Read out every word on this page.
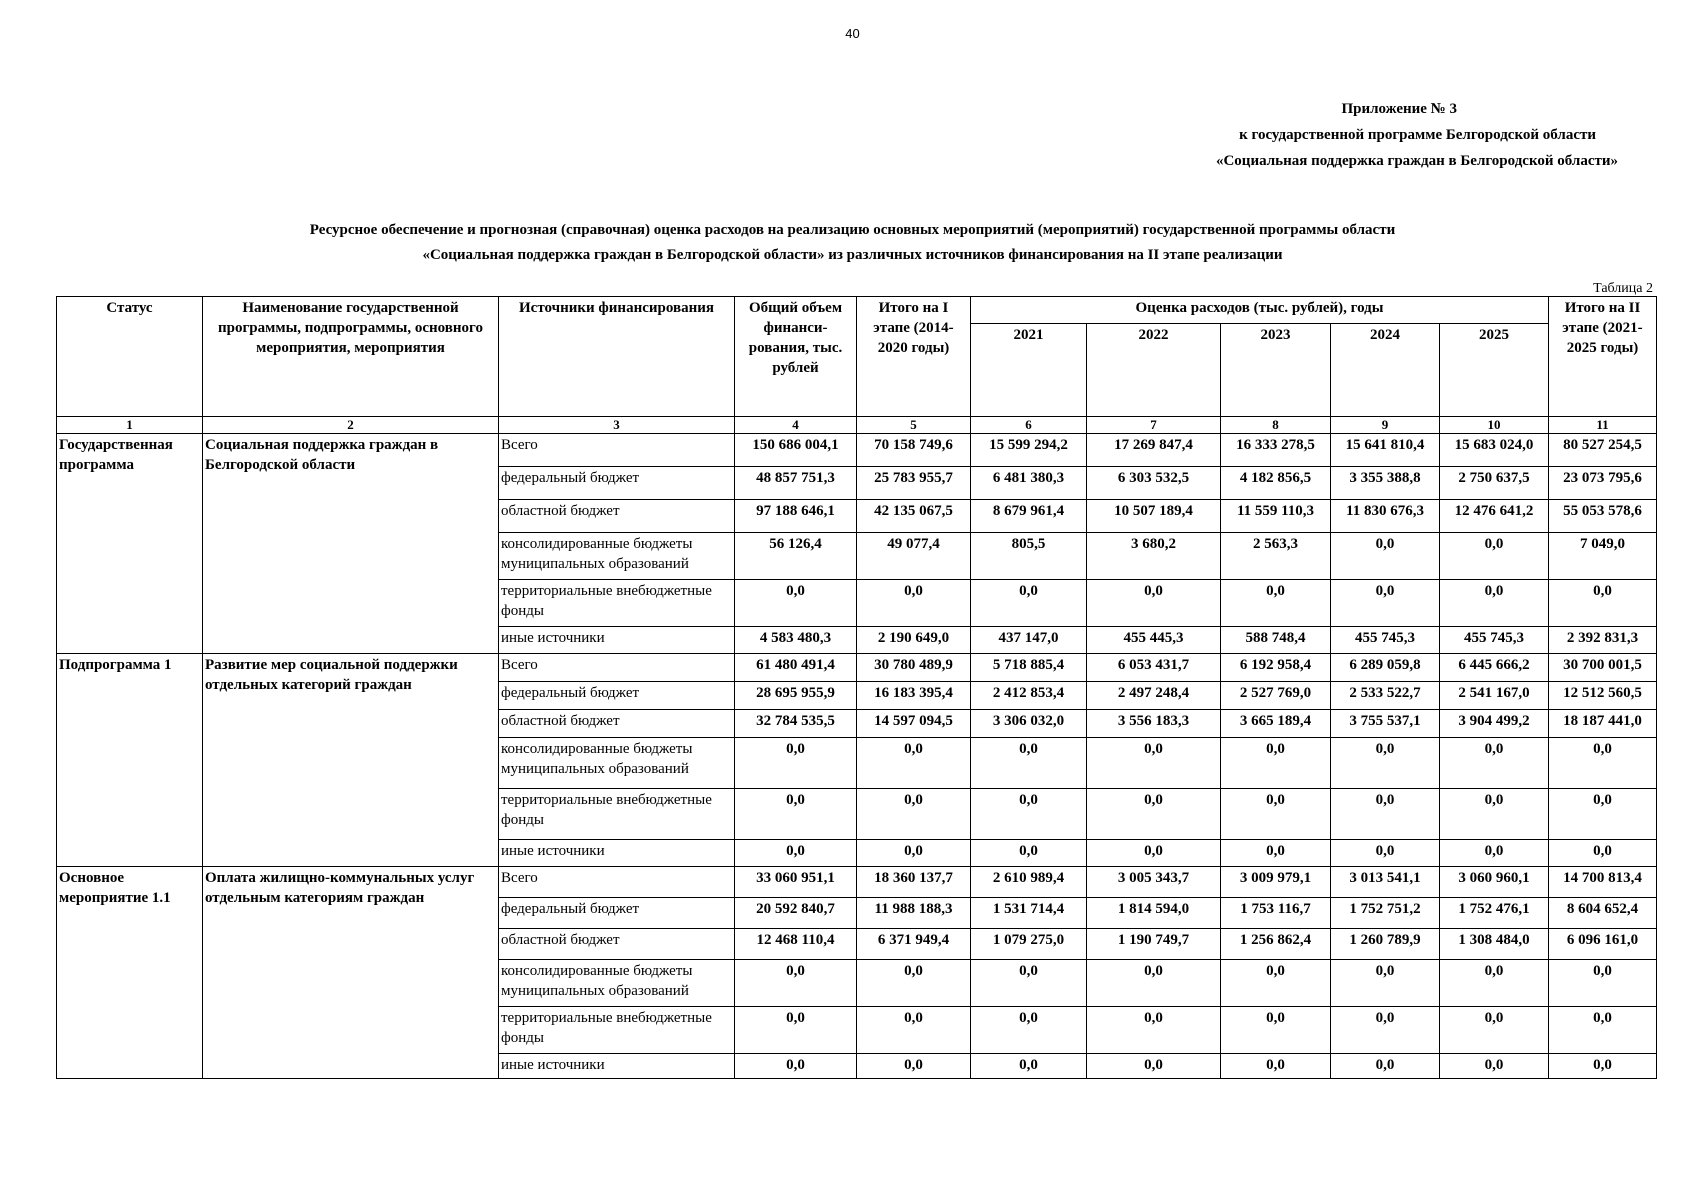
40
Приложение № 3
к государственной программе Белгородской области
«Социальная поддержка граждан в Белгородской области»
Ресурсное обеспечение и прогнозная (справочная) оценка расходов на реализацию основных мероприятий (мероприятий) государственной программы области
«Социальная поддержка граждан в Белгородской области» из различных источников финансирования на II этапе реализации
Таблица 2
Статус	Наименование государственной программы, подпрограммы, основного мероприятия, мероприятия	Источники финансирования	Общий объем финанси-рования, тыс. рублей	Итого на I этапе (2014-2020 годы)	Оценка расходов (тыс. рублей), годы					Итого на II этапе (2021-2025 годы)
					2021	2022	2023	2024	2025	
1	2	3	4	5	6	7	8	9	10	11
Государственная программа	Социальная поддержка граждан в Белгородской области	Всего	150 686 004,1	70 158 749,6	15 599 294,2	17 269 847,4	16 333 278,5	15 641 810,4	15 683 024,0	80 527 254,5
		федеральный бюджет	48 857 751,3	25 783 955,7	6 481 380,3	6 303 532,5	4 182 856,5	3 355 388,8	2 750 637,5	23 073 795,6
		областной бюджет	97 188 646,1	42 135 067,5	8 679 961,4	10 507 189,4	11 559 110,3	11 830 676,3	12 476 641,2	55 053 578,6
		консолидированные бюджеты муниципальных образований	56 126,4	49 077,4	805,5	3 680,2	2 563,3	0,0	0,0	7 049,0
		территориальные внебюджетные фонды	0,0	0,0	0,0	0,0	0,0	0,0	0,0	0,0
		иные источники	4 583 480,3	2 190 649,0	437 147,0	455 445,3	588 748,4	455 745,3	455 745,3	2 392 831,3
Подпрограмма 1	Развитие мер социальной поддержки отдельных категорий граждан	Всего	61 480 491,4	30 780 489,9	5 718 885,4	6 053 431,7	6 192 958,4	6 289 059,8	6 445 666,2	30 700 001,5
		федеральный бюджет	28 695 955,9	16 183 395,4	2 412 853,4	2 497 248,4	2 527 769,0	2 533 522,7	2 541 167,0	12 512 560,5
		областной бюджет	32 784 535,5	14 597 094,5	3 306 032,0	3 556 183,3	3 665 189,4	3 755 537,1	3 904 499,2	18 187 441,0
		консолидированные бюджеты муниципальных образований	0,0	0,0	0,0	0,0	0,0	0,0	0,0	0,0
		территориальные внебюджетные фонды	0,0	0,0	0,0	0,0	0,0	0,0	0,0	0,0
		иные источники	0,0	0,0	0,0	0,0	0,0	0,0	0,0	0,0
Основное мероприятие 1.1	Оплата жилищно-коммунальных услуг отдельным категориям граждан	Всего	33 060 951,1	18 360 137,7	2 610 989,4	3 005 343,7	3 009 979,1	3 013 541,1	3 060 960,1	14 700 813,4
		федеральный бюджет	20 592 840,7	11 988 188,3	1 531 714,4	1 814 594,0	1 753 116,7	1 752 751,2	1 752 476,1	8 604 652,4
		областной бюджет	12 468 110,4	6 371 949,4	1 079 275,0	1 190 749,7	1 256 862,4	1 260 789,9	1 308 484,0	6 096 161,0
		консолидированные бюджеты муниципальных образований	0,0	0,0	0,0	0,0	0,0	0,0	0,0	0,0
		территориальные внебюджетные фонды	0,0	0,0	0,0	0,0	0,0	0,0	0,0	0,0
		иные источники	0,0	0,0	0,0	0,0	0,0	0,0	0,0	0,0
